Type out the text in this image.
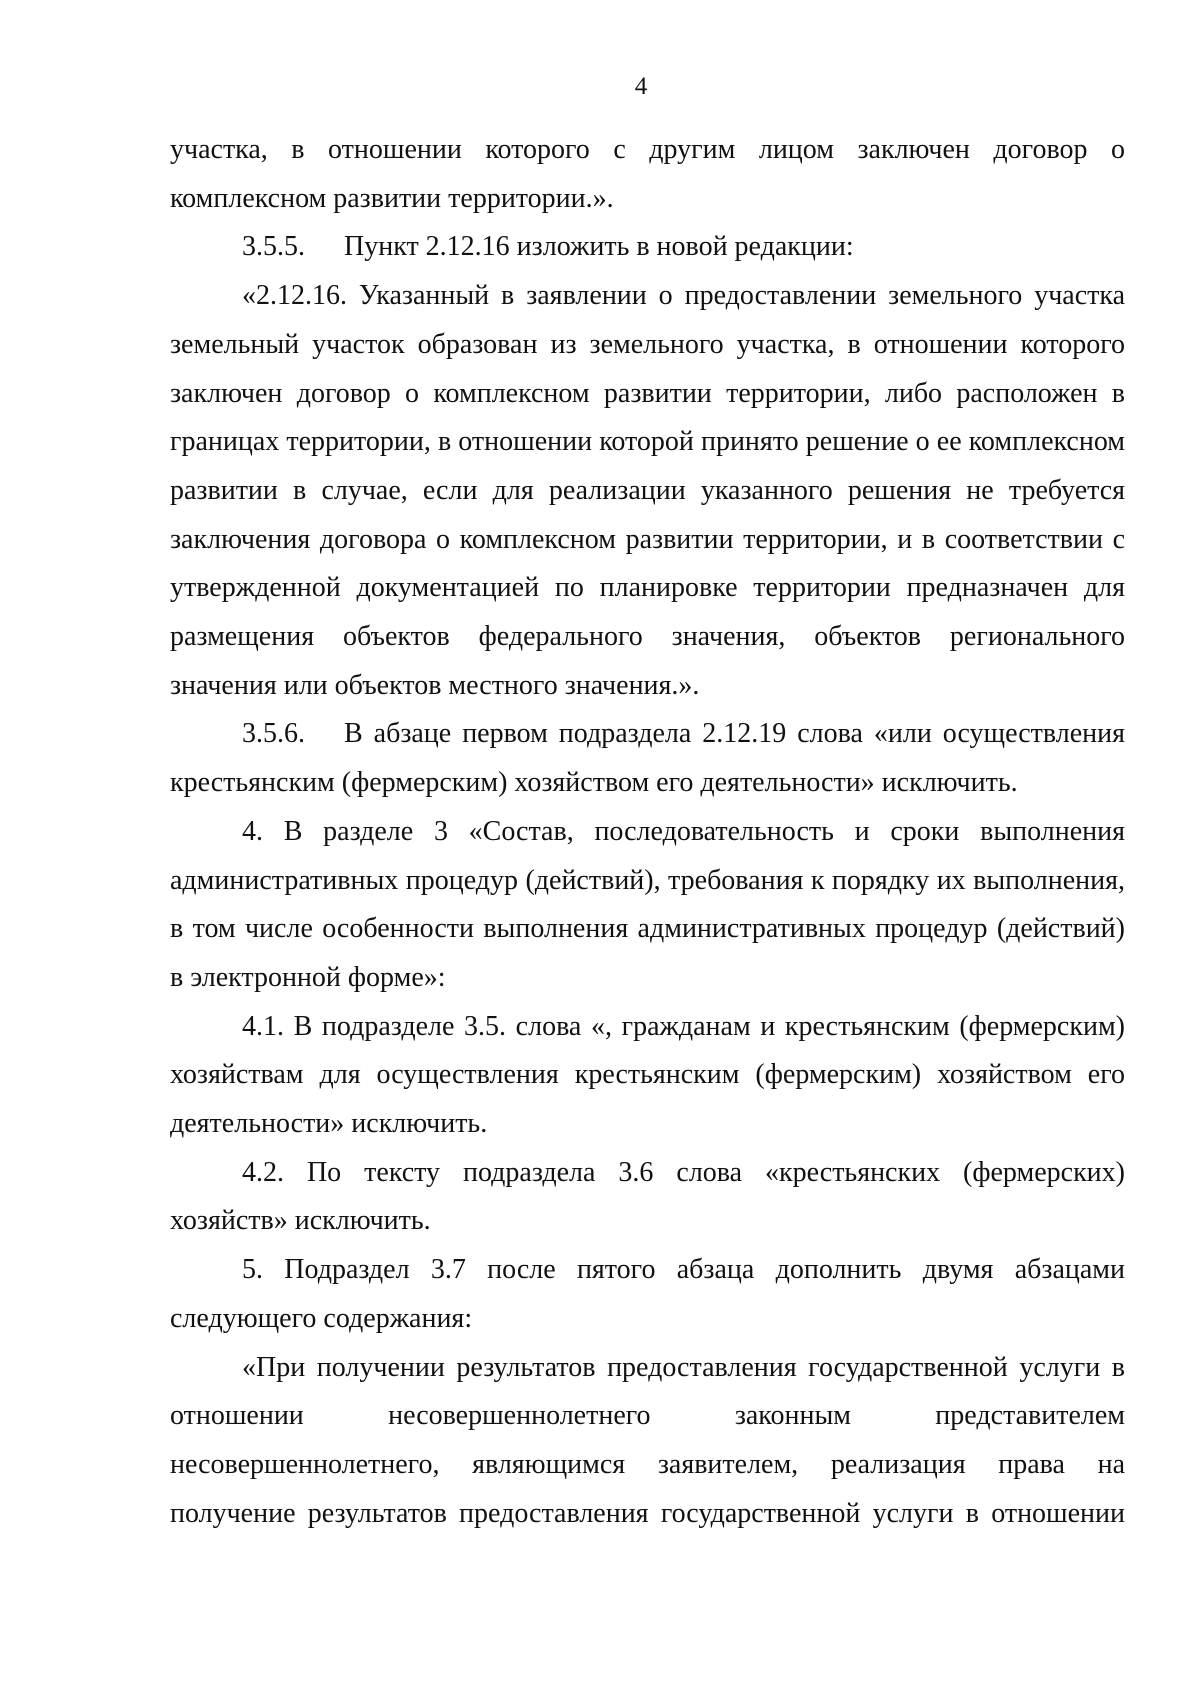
4

участка, в отношении которого с другим лицом заключен договор о комплексном развитии территории.».

3.5.5. Пункт 2.12.16 изложить в новой редакции:

«2.12.16. Указанный в заявлении о предоставлении земельного участка земельный участок образован из земельного участка, в отношении которого заключен договор о комплексном развитии территории, либо расположен в границах территории, в отношении которой принято решение о ее комплексном развитии в случае, если для реализации указанного решения не требуется заключения договора о комплексном развитии территории, и в соответствии с утвержденной документацией по планировке территории предназначен для размещения объектов федерального значения, объектов регионального значения или объектов местного значения.».

3.5.6. В абзаце первом подраздела 2.12.19 слова «или осуществления крестьянским (фермерским) хозяйством его деятельности» исключить.

4. В разделе 3 «Состав, последовательность и сроки выполнения административных процедур (действий), требования к порядку их выполнения, в том числе особенности выполнения административных процедур (действий) в электронной форме»:

4.1. В подразделе 3.5. слова «, гражданам и крестьянским (фермерским) хозяйствам для осуществления крестьянским (фермерским) хозяйством его деятельности» исключить.

4.2. По тексту подраздела 3.6 слова «крестьянских (фермерских) хозяйств» исключить.

5. Подраздел 3.7 после пятого абзаца дополнить двумя абзацами следующего содержания:

«При получении результатов предоставления государственной услуги в отношении несовершеннолетнего законным представителем несовершеннолетнего, являющимся заявителем, реализация права на получение результатов предоставления государственной услуги в отношении
